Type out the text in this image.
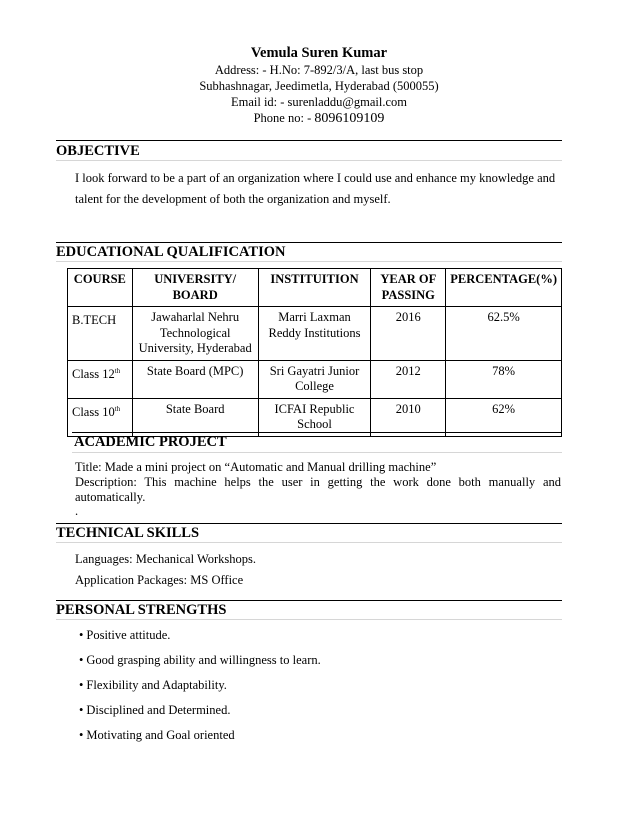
Vemula Suren Kumar
Address: - H.No: 7-892/3/A, last bus stop
Subhashnagar, Jeedimetla, Hyderabad (500055)
Email id: - surenladdu@gmail.com
Phone no: - 8096109109
OBJECTIVE
I look forward to be a part of an organization where I could use and enhance my knowledge and talent for the development of both the organization and myself.
EDUCATIONAL QUALIFICATION
COURSE	UNIVERSITY/ BOARD	INSTITUITION	YEAR OF PASSING	PERCENTAGE(%)
B.TECH	Jawaharlal Nehru Technological University, Hyderabad	Marri Laxman Reddy Institutions	2016	62.5%
Class 12th	State Board (MPC)	Sri Gayatri Junior College	2012	78%
Class 10th	State Board	ICFAI Republic School	2010	62%
ACADEMIC PROJECT
Title: Made a mini project on “Automatic and Manual drilling machine”
Description: This machine helps the user in getting the work done both manually and automatically.
.
TECHNICAL SKILLS
Languages: Mechanical Workshops.
Application Packages: MS Office
PERSONAL STRENGTHS
• Positive attitude.
• Good grasping ability and willingness to learn.
• Flexibility and Adaptability.
• Disciplined and Determined.
• Motivating and Goal oriented
